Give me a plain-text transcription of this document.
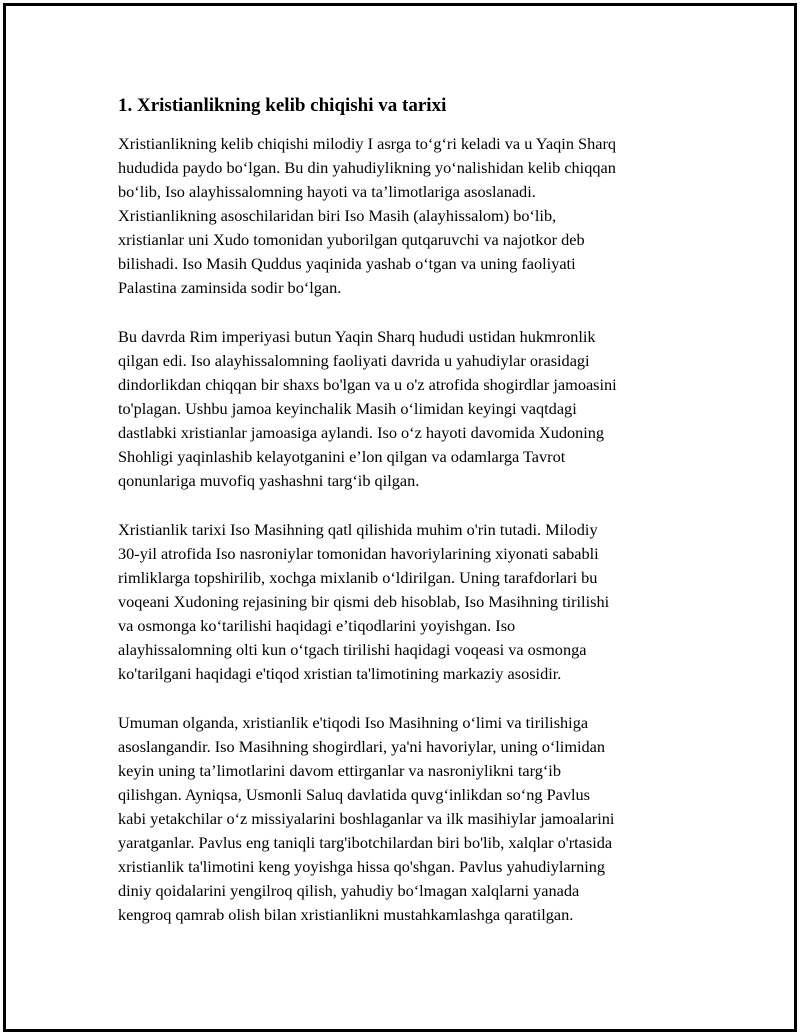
1. Xristianlikning kelib chiqishi va tarixi

Xristianlikning kelib chiqishi milodiy I asrga to‘g‘ri keladi va u Yaqin Sharq
hududida paydo bo‘lgan. Bu din yahudiylikning yo‘nalishidan kelib chiqqan
bo‘lib, Iso alayhissalomning hayoti va ta’limotlariga asoslanadi.
Xristianlikning asoschilaridan biri Iso Masih (alayhissalom) bo‘lib,
xristianlar uni Xudo tomonidan yuborilgan qutqaruvchi va najotkor deb
bilishadi. Iso Masih Quddus yaqinida yashab o‘tgan va uning faoliyati
Palastina zaminsida sodir bo‘lgan.

Bu davrda Rim imperiyasi butun Yaqin Sharq hududi ustidan hukmronlik
qilgan edi. Iso alayhissalomning faoliyati davrida u yahudiylar orasidagi
dindorlikdan chiqqan bir shaxs bo'lgan va u o'z atrofida shogirdlar jamoasini
to'plagan. Ushbu jamoa keyinchalik Masih o‘limidan keyingi vaqtdagi
dastlabki xristianlar jamoasiga aylandi. Iso o‘z hayoti davomida Xudoning
Shohligi yaqinlashib kelayotganini e’lon qilgan va odamlarga Tavrot
qonunlariga muvofiq yashashni targ‘ib qilgan.

Xristianlik tarixi Iso Masihning qatl qilishida muhim o'rin tutadi. Milodiy
30-yil atrofida Iso nasroniylar tomonidan havoriylarining xiyonati sababli
rimliklarga topshirilib, xochga mixlanib o‘ldirilgan. Uning tarafdorlari bu
voqeani Xudoning rejasining bir qismi deb hisoblab, Iso Masihning tirilishi
va osmonga ko‘tarilishi haqidagi e’tiqodlarini yoyishgan. Iso
alayhissalomning olti kun o‘tgach tirilishi haqidagi voqeasi va osmonga
ko'tarilgani haqidagi e'tiqod xristian ta'limotining markaziy asosidir.

Umuman olganda, xristianlik e'tiqodi Iso Masihning o‘limi va tirilishiga
asoslangandir. Iso Masihning shogirdlari, ya'ni havoriylar, uning o‘limidan
keyin uning ta’limotlarini davom ettirganlar va nasroniylikni targ‘ib
qilishgan. Ayniqsa, Usmonli Saluq davlatida quvg‘inlikdan so‘ng Pavlus
kabi yetakchilar o‘z missiyalarini boshlaganlar va ilk masihiylar jamoalarini
yaratganlar. Pavlus eng taniqli targ'ibotchilardan biri bo'lib, xalqlar o'rtasida
xristianlik ta'limotini keng yoyishga hissa qo'shgan. Pavlus yahudiylarning
diniy qoidalarini yengilroq qilish, yahudiy bo‘lmagan xalqlarni yanada
kengroq qamrab olish bilan xristianlikni mustahkamlashga qaratilgan.
